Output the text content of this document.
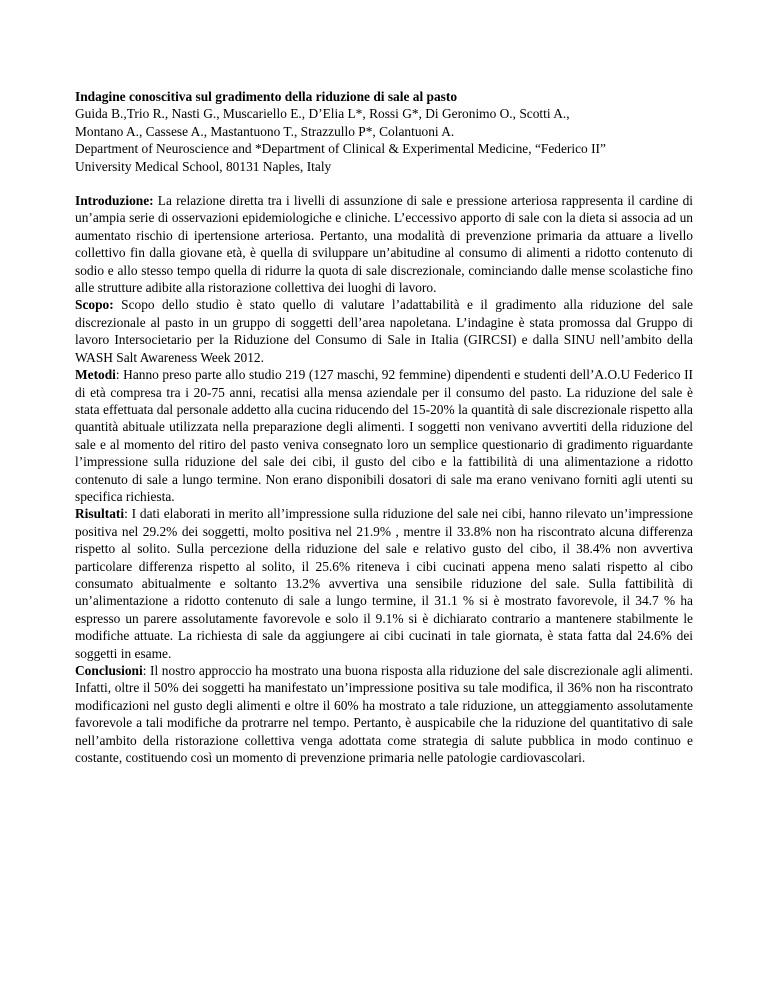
Indagine conoscitiva sul gradimento della riduzione di sale al pasto

Guida B.,Trio R., Nasti G., Muscariello E., D’Elia L*, Rossi G*, Di Geronimo O., Scotti A.,

Montano A., Cassese A., Mastantuono T., Strazzullo P*, Colantuoni A.

Department of Neuroscience and *Department of Clinical & Experimental Medicine, “Federico II”

University Medical School, 80131 Naples, Italy

Introduzione: La relazione diretta tra i livelli di assunzione di sale e pressione arteriosa rappresenta il cardine di un’ampia serie di osservazioni epidemiologiche e cliniche. L’eccessivo apporto di sale con la dieta si associa ad un aumentato rischio di ipertensione arteriosa. Pertanto, una modalità di prevenzione primaria da attuare a livello collettivo fin dalla giovane età, è quella di sviluppare un’abitudine al consumo di alimenti a ridotto contenuto di sodio e allo stesso tempo quella di ridurre la quota di sale discrezionale, cominciando dalle mense scolastiche fino alle strutture adibite alla ristorazione collettiva dei luoghi di lavoro.

Scopo: Scopo dello studio è stato quello di valutare l’adattabilità e il gradimento alla riduzione del sale discrezionale al pasto in un gruppo di soggetti dell’area napoletana. L’indagine è stata promossa dal Gruppo di lavoro Intersocietario per la Riduzione del Consumo di Sale in Italia (GIRCSI) e dalla SINU nell’ambito della WASH Salt Awareness Week 2012.

Metodi: Hanno preso parte allo studio 219 (127 maschi, 92 femmine) dipendenti e studenti dell’A.O.U Federico II di età compresa tra i 20-75 anni, recatisi alla mensa aziendale per il consumo del pasto. La riduzione del sale è stata effettuata dal personale addetto alla cucina riducendo del 15-20% la quantità di sale discrezionale rispetto alla quantità abituale utilizzata nella preparazione degli alimenti. I soggetti non venivano avvertiti della riduzione del sale e al momento del ritiro del pasto veniva consegnato loro un semplice questionario di gradimento riguardante l’impressione sulla riduzione del sale dei cibi, il gusto del cibo e la fattibilità di una alimentazione a ridotto contenuto di sale a lungo termine. Non erano disponibili dosatori di sale ma erano venivano forniti agli utenti su specifica richiesta.

Risultati: I dati elaborati in merito all’impressione sulla riduzione del sale nei cibi, hanno rilevato un’impressione positiva nel 29.2% dei soggetti, molto positiva nel 21.9% , mentre il 33.8% non ha riscontrato alcuna differenza rispetto al solito. Sulla percezione della riduzione del sale e relativo gusto del cibo, il 38.4% non avvertiva particolare differenza rispetto al solito, il 25.6% riteneva i cibi cucinati appena meno salati rispetto al cibo consumato abitualmente e soltanto 13.2% avvertiva una sensibile riduzione del sale. Sulla fattibilità di un’alimentazione a ridotto contenuto di sale a lungo termine, il 31.1 % si è mostrato favorevole, il 34.7 % ha espresso un parere assolutamente favorevole e solo il 9.1% si è dichiarato contrario a mantenere stabilmente le modifiche attuate. La richiesta di sale da aggiungere ai cibi cucinati in tale giornata, è stata fatta dal 24.6% dei soggetti in esame.

Conclusioni: Il nostro approccio ha mostrato una buona risposta alla riduzione del sale discrezionale agli alimenti. Infatti, oltre il 50% dei soggetti ha manifestato un’impressione positiva su tale modifica, il 36% non ha riscontrato modificazioni nel gusto degli alimenti e oltre il 60% ha mostrato a tale riduzione, un atteggiamento assolutamente favorevole a tali modifiche da protrarre nel tempo. Pertanto, è auspicabile che la riduzione del quantitativo di sale nell’ambito della ristorazione collettiva venga adottata come strategia di salute pubblica in modo continuo e costante, costituendo così un momento di prevenzione primaria nelle patologie cardiovascolari.
